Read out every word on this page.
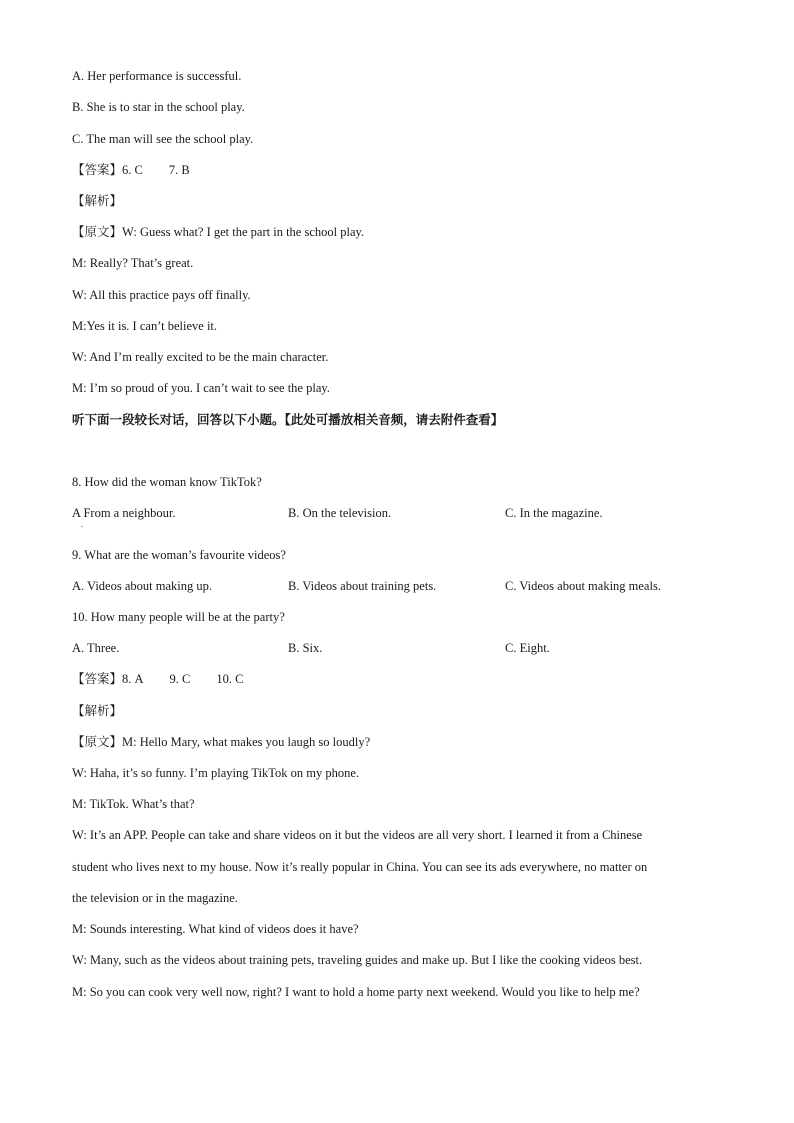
A. Her performance is successful.
B. She is to star in the school play.
C. The man will see the school play.
【答案】6. C 7. B
【解析】
【原文】W: Guess what? I get the part in the school play.
M: Really? That’s great.
W: All this practice pays off finally.
M:Yes it is. I can’t believe it.
W: And I’m really excited to be the main character.
M: I’m so proud of you. I can’t wait to see the play.
听下面一段较长对话，回答以下小题。【此处可播放相关音频，请去附件查看】
8. How did the woman know TikTok?
A From a neighbour.	B. On the television.	C. In the magazine.
.
9. What are the woman’s favourite videos?
A. Videos about making up.	B. Videos about training pets.	C. Videos about making meals.
10. How many people will be at the party?
A. Three.	B. Six.	C. Eight.
【答案】8. A 9. C 10. C
【解析】
【原文】M: Hello Mary, what makes you laugh so loudly?
W: Haha, it’s so funny. I’m playing TikTok on my phone.
M: TikTok. What’s that?
W: It’s an APP. People can take and share videos on it but the videos are all very short. I learned it from a Chinese
student who lives next to my house. Now it’s really popular in China. You can see its ads everywhere, no matter on
the television or in the magazine.
M: Sounds interesting. What kind of videos does it have?
W: Many, such as the videos about training pets, traveling guides and make up. But I like the cooking videos best.
M: So you can cook very well now, right? I want to hold a home party next weekend. Would you like to help me?
